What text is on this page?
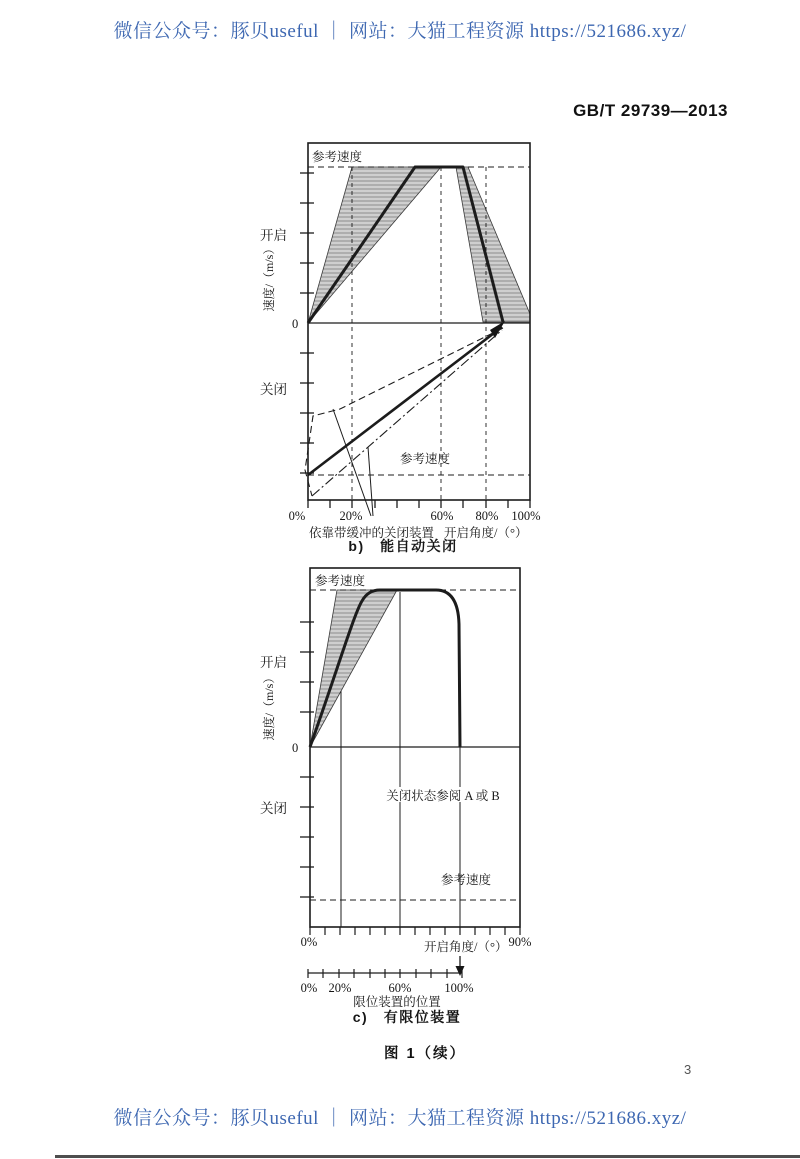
微信公众号：豚贝useful ｜ 网站：大猫工程资源 https://521686.xyz/
GB/T 29739—2013
参考速度
参考速度
开启
速度/（m/s）
0
关闭
0%	20%	60% 80% 100%
依靠带缓冲的关闭装置 开启角度/（°）
b)　能自动关闭
参考速度
关闭状态参阅 A 或 B
参考速度
开启
速度/（m/s）
0
关闭
0%	90%
开启角度/（°）
0% 20%	60%	100%
限位装置的位置
c)　有限位装置
图 1（续）
3
微信公众号：豚贝useful ｜ 网站：大猫工程资源 https://521686.xyz/
